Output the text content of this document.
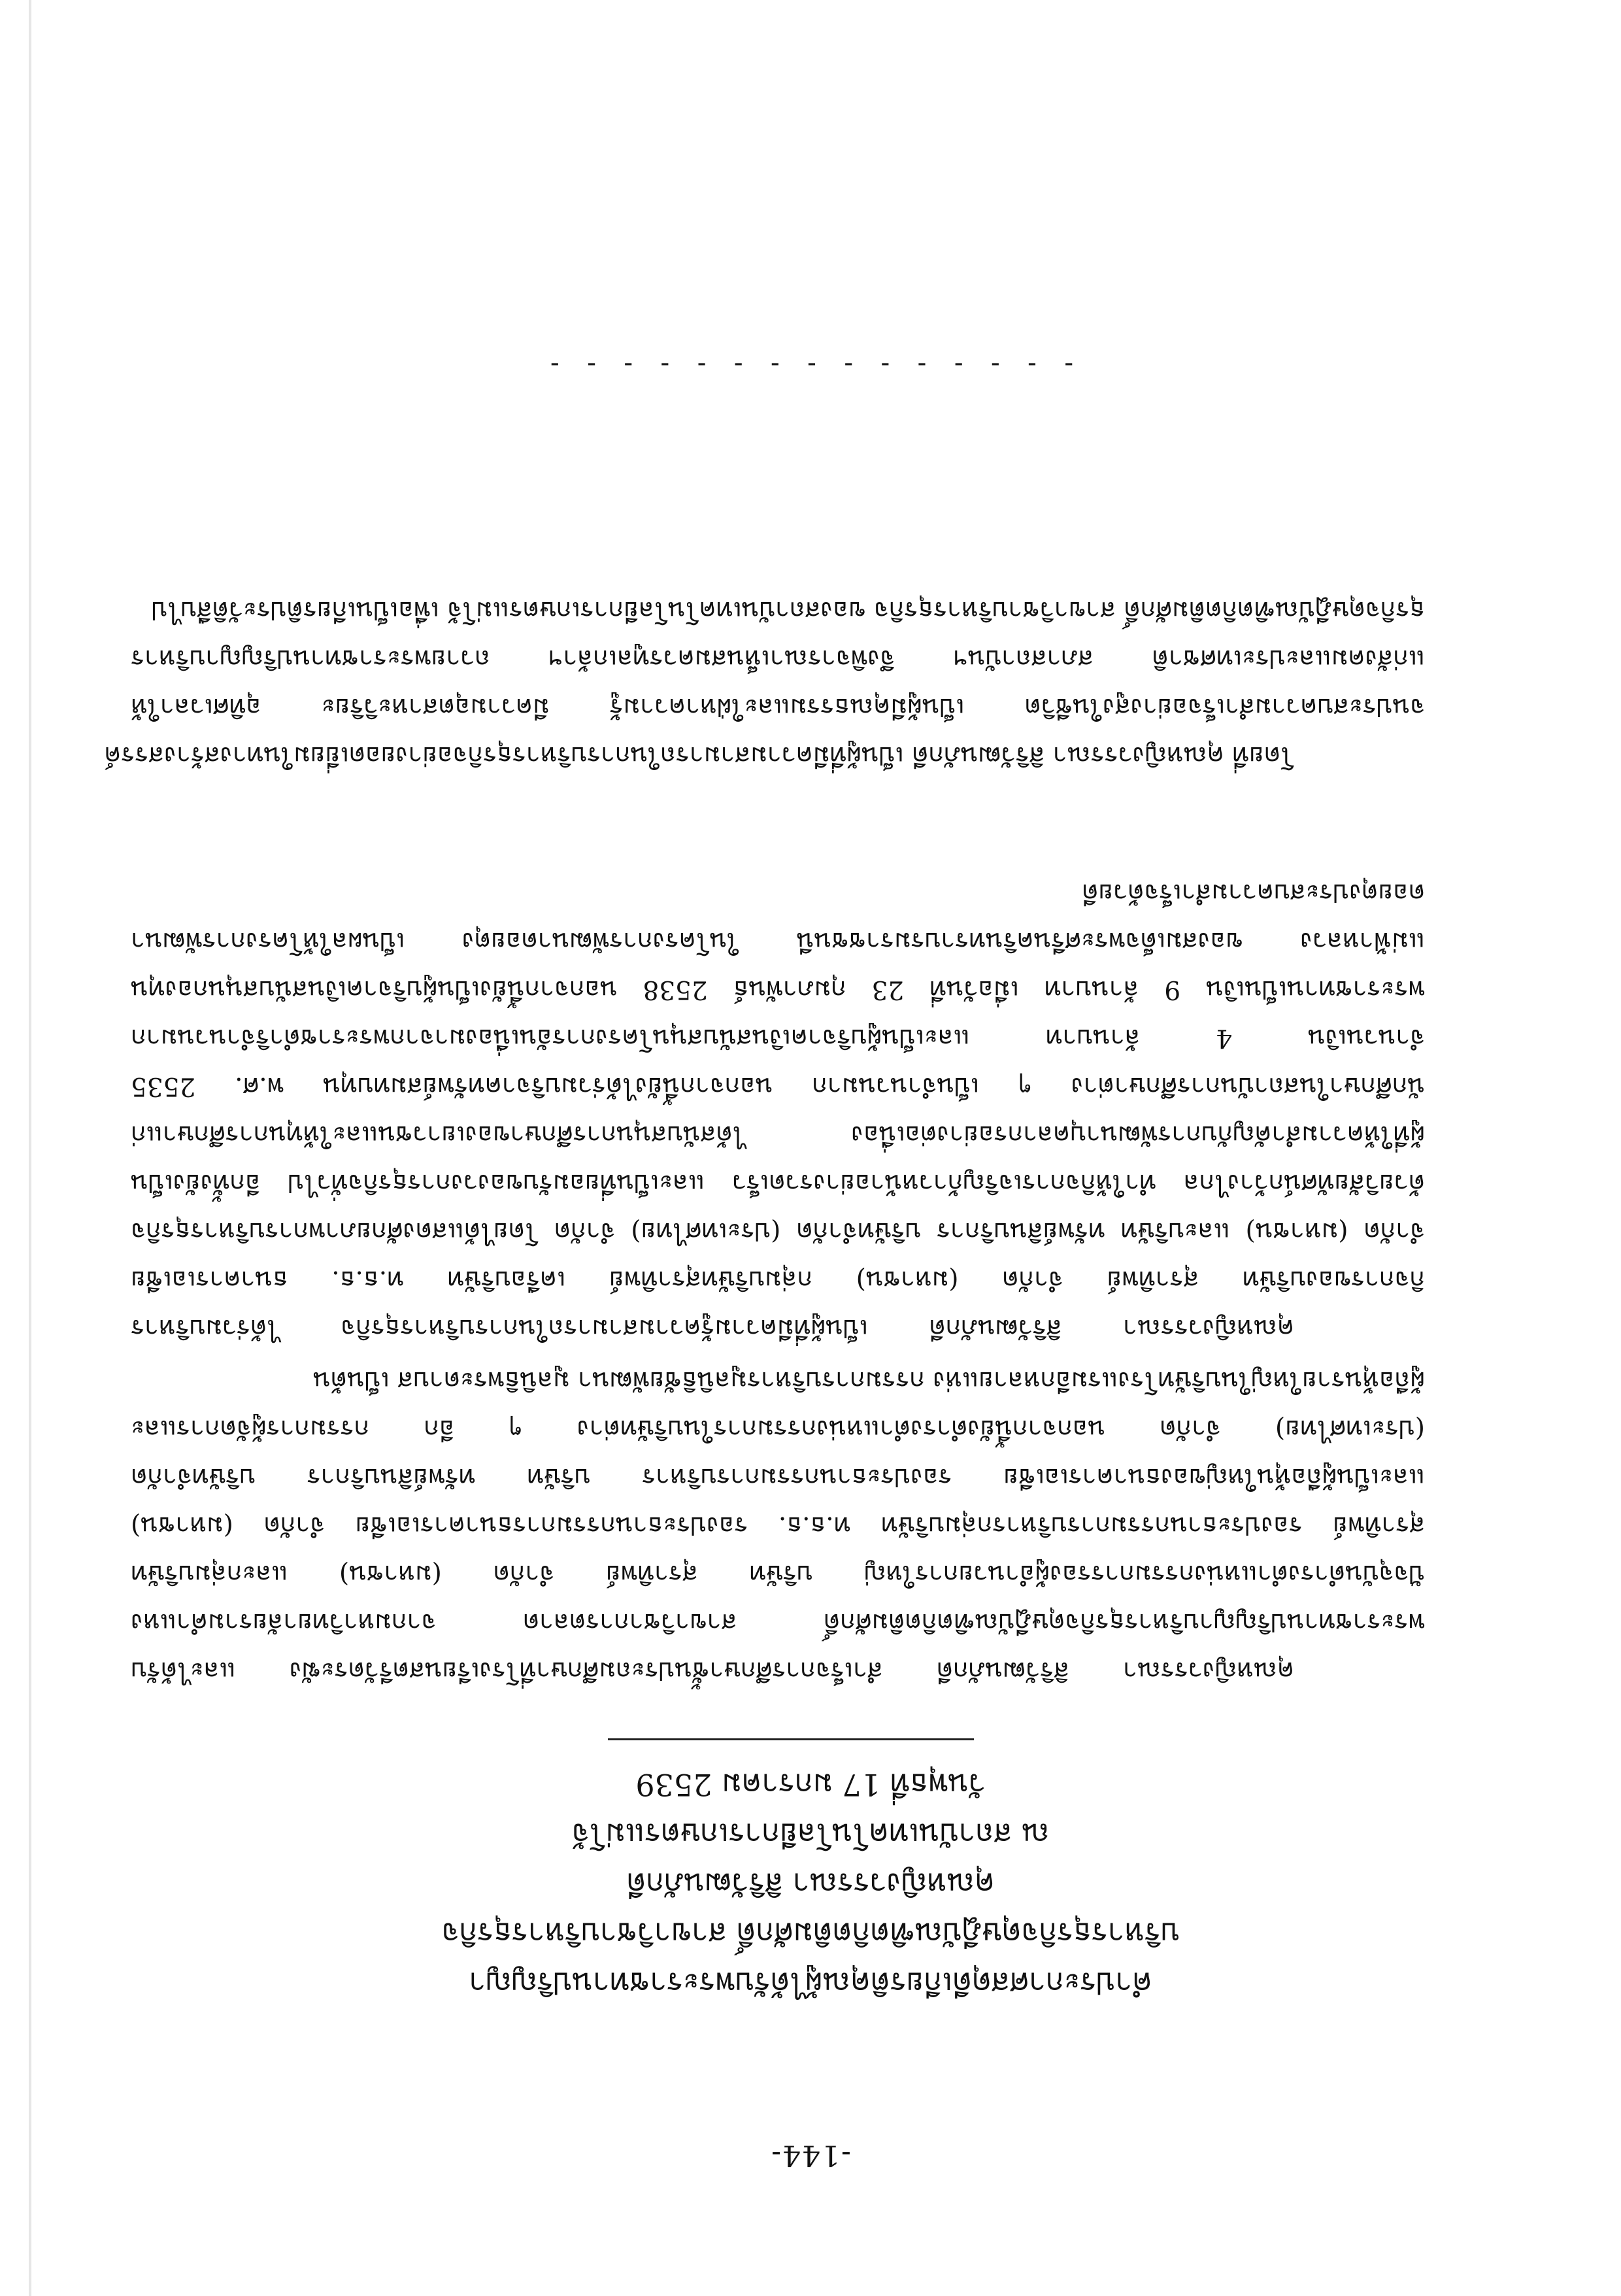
-144-
คำประกาศสดุดีเกียรติคุณผู้ได้รับพระราชทานปริญญา
บริหารธุรกิจดุษฎีบัณฑิตกิตติมศักดิ์ สาขาวิชาบริหารธุรกิจ
คุณหญิงวรรณา สิริวัฒนภักดี
ณ สถาบันเทคโนโลยีการเกษตรแม่โจ้
วันพุธที่ 17 มกราคม 2539
คุณหญิงวรรณา สิริวัฒนภักดี สำเร็จการศึกษาชั้นประถมศึกษาที่โรงเรียนสตรีวัดระฆัง และได้รับ
พระราชทานปริญญาบริหารธุรกิจดุษฎีบัณฑิตกิตติมศักดิ์ สาขาวิชาการตลาด จากมหาวิทยาลัยรามคำแหง
ปัจจุบันดำรงตำแหน่งกรรมการรองผู้อำนวยการใหญ่ บริษัท สุราทิพย์ จำกัด (มหาชน) และกลุ่มบริษัท
สุราทิพย์ รองประธานกรรมการบริหารกลุ่มบริษัท ท.ธ.ธ. รองประธานกรรมการธนาคารเอเชีย จำกัด (มหาชน)
และเป็นผู้ถือหุ้นใหญ่ของธนาคารเอเชีย รองประธานกรรมการบริหาร บริษัท ทรัพย์สินบริการ บริษัทจำกัด
(ประเทศไทย) จำกัด นอกจากนี้ยังดำรงตำแหน่งกรรมการในบริษัทต่าง ๆ อีก กรรมการผู้จัดการและ
ผู้ถือหุ้นรายใหญ่ในบริษัทโรงแรมอีกหลายแห่ง กรรมการบริหารมูลนิธิชัยพัฒนา มูลนิธิพระดาบส เป็นต้น
คุณหญิงวรรณา สิริวัฒนภักดี เป็นผู้ที่มีความรู้ความสามารถในการบริหารธุรกิจ ได้ร่วมบริหาร
กิจการของบริษัท สุราทิพย์ จำกัด (มหาชน) กลุ่มบริษัทสุราทิพย์ เครือบริษัท ท.ธ.ธ. ธนาคารเอเชีย
จำกัด (มหาชน) และบริษัท ทรัพย์สินบริการ บริษัทจำกัด (ประเทศไทย) จำกัด โดยได้แสดงศักยภาพการบริหารธุรกิจ
ด้วยวิสัยทัศน์กว้างไกล ทำให้กิจการเจริญก้าวหน้าอย่างรวดเร็ว และเป็นที่ยอมรับของวงการธุรกิจทั่วไป อีกทั้งยังเป็น
ผู้ที่ให้ความสำคัญกับการพัฒนาบุคลากรอย่างต่อเนื่อง ได้สนับสนุนการศึกษาของเยาวชนและให้ทุนการศึกษาแก่
นักศึกษาในสถาบันการศึกษาต่าง ๆ เป็นจำนวนมาก นอกจากนี้ยังได้ร่วมบริจาคทรัพย์สมทบทุน พ.ศ. 2535
จำนวนเงิน 4 ล้านบาท และเป็นผู้บริจาคเงินสนับสนุนโครงการอันเนื่องมาจากพระราชดำริจำนวนมาก
พระราชทานเป็นเงิน 9 ล้านบาท เมื่อวันที่ 23 กุมภาพันธ์ 2538 นอกจากนี้ยังเป็นผู้บริจาคเงินสนับสนุนกองทุน
แม่ฟ้าหลวง ของสมเด็จพระศรีนครินทราบรมราชชนนี ในโครงการพัฒนาดอยตุง เป็นผลให้โครงการพัฒนา
ดอยตุงประสบความสำเร็จด้วยดี
โดยที่ คุณหญิงวรรณา สิริวัฒนภักดี เป็นผู้ที่มีความสามารถในการบริหารธุรกิจอย่างยอดเยี่ยมในทางสร้างสรรค์
จนประสบความสำเร็จอย่างสูงในชีวิต เป็นผู้มีคุณธรรมและใฝ่หาความรู้ มีความอุตสาหะวิริยะ อุทิศเวลาให้
แก่สังคมและประเทศชาติ สภาสถาบันฯ จึงพิจารณาเห็นสมควรทูลเกล้าฯ ถวายพระราชทานปริญญาบริหาร
ธุรกิจดุษฎีบัณฑิตกิตติมศักดิ์ สาขาวิชาบริหารธุรกิจ ของสถาบันเทคโนโลยีการเกษตรแม่โจ้ เพื่อเป็นเกียรติประวัติสืบไป
- - - - - - - - - - - - - - -
